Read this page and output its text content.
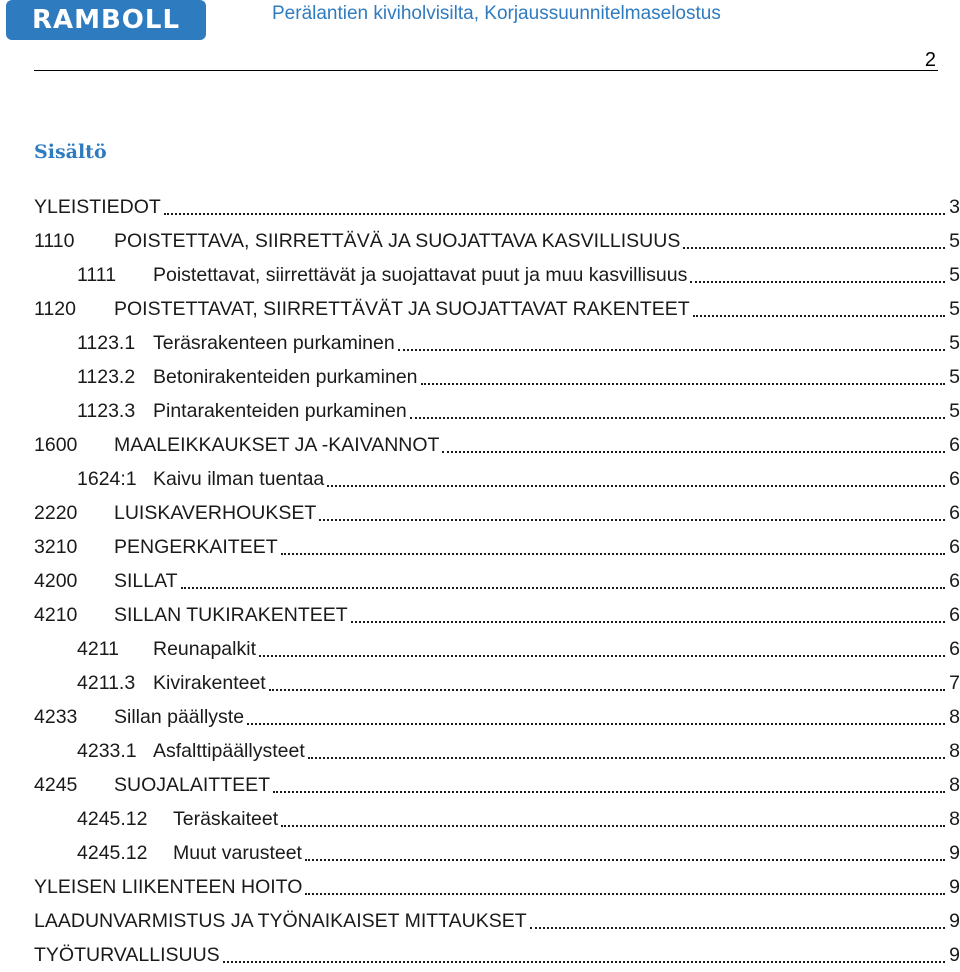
RAMBOLL	Perälantien kiviholvisilta, Korjaussuunnitelmaselostus
2
Sisältö
YLEISTIEDOT	3
1110	POISTETTAVA, SIIRRETTÄVÄ JA SUOJATTAVA KASVILLISUUS	5
1111	Poistettavat, siirrettävät ja suojattavat puut ja muu kasvillisuus	5
1120	POISTETTAVAT, SIIRRETTÄVÄT JA SUOJATTAVAT RAKENTEET	5
1123.1 Teräsrakenteen purkaminen	5
1123.2 Betonirakenteiden purkaminen	5
1123.3 Pintarakenteiden purkaminen	5
1600	MAALEIKKAUKSET JA -KAIVANNOT	6
1624:1 Kaivu ilman tuentaa	6
2220	LUISKAVERHOUKSET	6
3210	PENGERKAITEET	6
4200	SILLAT	6
4210	SILLAN TUKIRAKENTEET	6
4211	Reunapalkit	6
4211.3 Kivirakenteet	7
4233	Sillan päällyste	8
4233.1 Asfalttipäällysteet	8
4245	SUOJALAITTEET	8
4245.12	Teräskaiteet	8
4245.12	Muut varusteet	9
YLEISEN LIIKENTEEN HOITO	9
LAADUNVARMISTUS JA TYÖNAIKAISET MITTAUKSET	9
TYÖTURVALLISUUS	9
